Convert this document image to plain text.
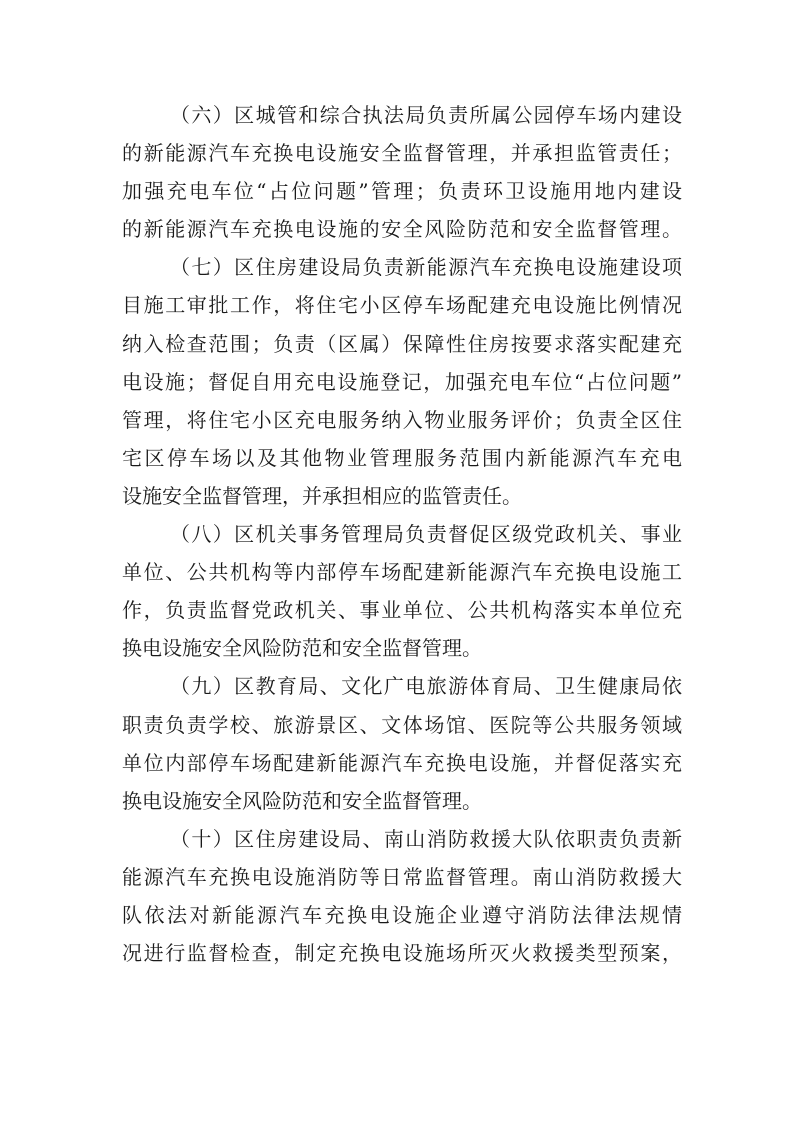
（六）区城管和综合执法局负责所属公园停车场内建设
的新能源汽车充换电设施安全监督管理，并承担监管责任；
加强充电车位“占位问题”管理；负责环卫设施用地内建设
的新能源汽车充换电设施的安全风险防范和安全监督管理。
（七）区住房建设局负责新能源汽车充换电设施建设项
目施工审批工作，将住宅小区停车场配建充电设施比例情况
纳入检查范围；负责（区属）保障性住房按要求落实配建充
电设施；督促自用充电设施登记，加强充电车位“占位问题”
管理，将住宅小区充电服务纳入物业服务评价；负责全区住
宅区停车场以及其他物业管理服务范围内新能源汽车充电
设施安全监督管理，并承担相应的监管责任。
（八）区机关事务管理局负责督促区级党政机关、事业
单位、公共机构等内部停车场配建新能源汽车充换电设施工
作，负责监督党政机关、事业单位、公共机构落实本单位充
换电设施安全风险防范和安全监督管理。
（九）区教育局、文化广电旅游体育局、卫生健康局依
职责负责学校、旅游景区、文体场馆、医院等公共服务领域
单位内部停车场配建新能源汽车充换电设施，并督促落实充
换电设施安全风险防范和安全监督管理。
（十）区住房建设局、南山消防救援大队依职责负责新
能源汽车充换电设施消防等日常监督管理。南山消防救援大
队依法对新能源汽车充换电设施企业遵守消防法律法规情
况进行监督检查，制定充换电设施场所灭火救援类型预案，
